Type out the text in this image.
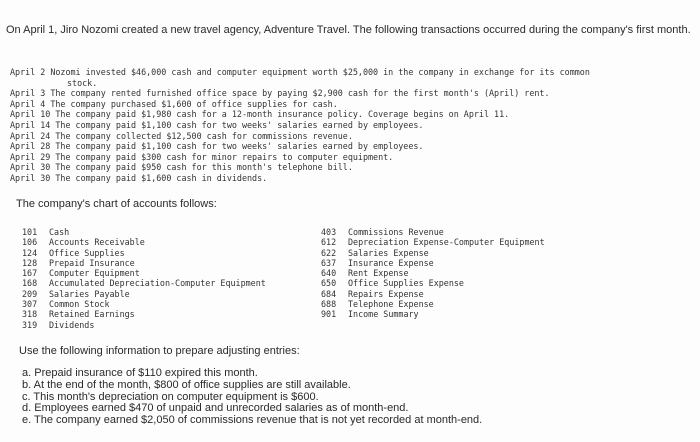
On April 1, Jiro Nozomi created a new travel agency, Adventure Travel. The following transactions occurred during the company's first month.
April 2 Nozomi invested $46,000 cash and computer equipment worth $25,000 in the company in exchange for its common
stock.
April 3 The company rented furnished office space by paying $2,900 cash for the first month's (April) rent.
April 4 The company purchased $1,600 of office supplies for cash.
April 10 The company paid $1,980 cash for a 12-month insurance policy. Coverage begins on April 11.
April 14 The company paid $1,100 cash for two weeks' salaries earned by employees.
April 24 The company collected $12,500 cash for commissions revenue.
April 28 The company paid $1,100 cash for two weeks' salaries earned by employees.
April 29 The company paid $300 cash for minor repairs to computer equipment.
April 30 The company paid $950 cash for this month's telephone bill.
April 30 The company paid $1,600 cash in dividends.
The company's chart of accounts follows:
101 Cash
106 Accounts Receivable
124 Office Supplies
128 Prepaid Insurance
167 Computer Equipment
168 Accumulated Depreciation-Computer Equipment
209 Salaries Payable
307 Common Stock
318 Retained Earnings
319 Dividends
403 Commissions Revenue
612 Depreciation Expense-Computer Equipment
622 Salaries Expense
637 Insurance Expense
640 Rent Expense
650 Office Supplies Expense
684 Repairs Expense
688 Telephone Expense
901 Income Summary
Use the following information to prepare adjusting entries:
a. Prepaid insurance of $110 expired this month.
b. At the end of the month, $800 of office supplies are still available.
c. This month's depreciation on computer equipment is $600.
d. Employees earned $470 of unpaid and unrecorded salaries as of month-end.
e. The company earned $2,050 of commissions revenue that is not yet recorded at month-end.
